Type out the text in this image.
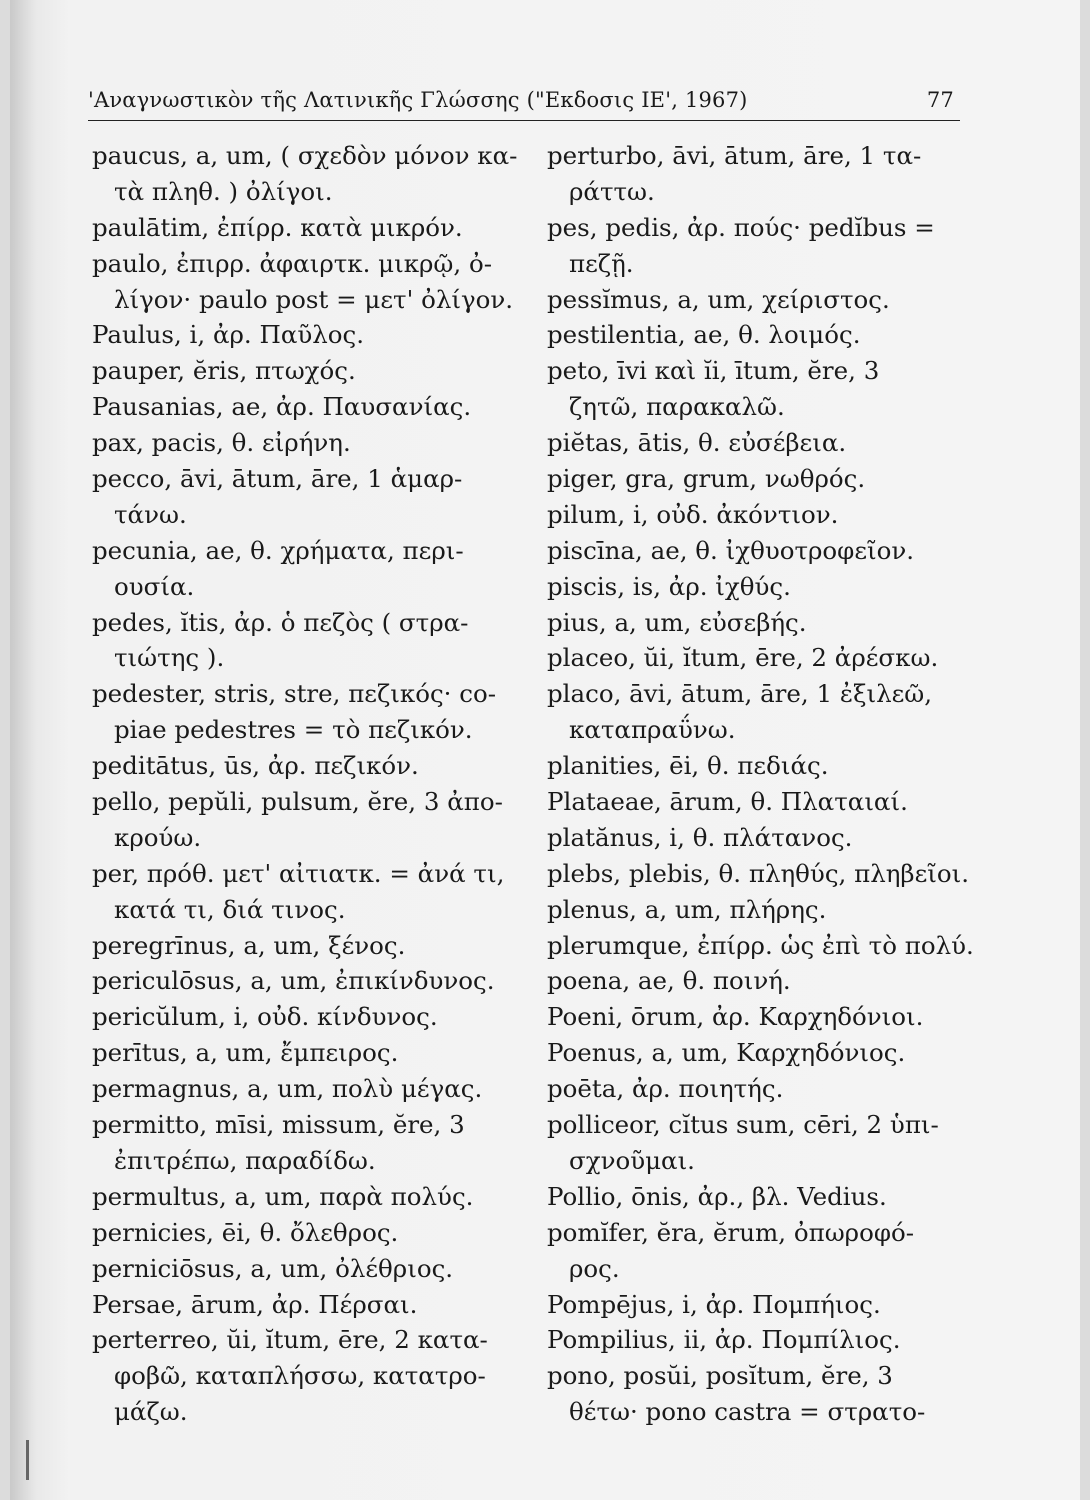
'Αναγνωστικὸν τῆς Λατινικῆς Γλώσσης ("Εκδοσις ΙΕ', 1967)	77
paucus, a, um, ( σχεδὸν μόνον κα-
τὰ πληθ. ) ὀλίγοι.
paulātim, ἐπίρρ. κατὰ μικρόν.
paulo, ἐπιρρ. ἀφαιρτκ. μικρῷ, ὀ-
λίγον· paulo post = μετ' ὀλίγον.
Paulus, i, ἀρ. Παῦλος.
pauper, ĕris, πτωχός.
Pausanias, ae, ἀρ. Παυσανίας.
pax, pacis, θ. εἰρήνη.
pecco, āvi, ātum, āre, 1 ἁμαρ-
τάνω.
pecunia, ae, θ. χρήματα, περι-
ουσία.
pedes, ĭtis, ἀρ. ὁ πεζὸς ( στρα-
τιώτης ).
pedester, stris, stre, πεζικός· co-
piae pedestres = τὸ πεζικόν.
peditātus, ūs, ἀρ. πεζικόν.
pello, pepŭli, pulsum, ĕre, 3 ἀπο-
κρούω.
per, πρόθ. μετ' αἰτιατκ. = ἀνά τι,
κατά τι, διά τινος.
peregrīnus, a, um, ξένος.
periculōsus, a, um, ἐπικίνδυνος.
pericŭlum, i, οὐδ. κίνδυνος.
perītus, a, um, ἔμπειρος.
permagnus, a, um, πολὺ μέγας.
permitto, mīsi, missum, ĕre, 3
ἐπιτρέπω, παραδίδω.
permultus, a, um, παρὰ πολύς.
pernicies, ēi, θ. ὄλεθρος.
perniciōsus, a, um, ὀλέθριος.
Persae, ārum, ἀρ. Πέρσαι.
perterreo, ŭi, ĭtum, ēre, 2 κατα-
φοβῶ, καταπλήσσω, κατατρο-
μάζω.
perturbo, āvi, ātum, āre, 1 τα-
ράττω.
pes, pedis, ἀρ. πούς· pedĭbus =
πεζῇ.
pessĭmus, a, um, χείριστος.
pestilentia, ae, θ. λοιμός.
peto, īvi καὶ ĭi, ītum, ĕre, 3
ζητῶ, παρακαλῶ.
piĕtas, ātis, θ. εὐσέβεια.
piger, gra, grum, νωθρός.
pilum, i, οὐδ. ἀκόντιον.
piscīna, ae, θ. ἰχθυοτροφεῖον.
piscis, is, ἀρ. ἰχθύς.
pius, a, um, εὐσεβής.
placeo, ŭi, ĭtum, ēre, 2 ἀρέσκω.
placo, āvi, ātum, āre, 1 ἐξιλεῶ,
καταπραΰνω.
planities, ēi, θ. πεδιάς.
Plataeae, ārum, θ. Πλαταιαί.
platănus, i, θ. πλάτανος.
plebs, plebis, θ. πληθύς, πληβεῖοι.
plenus, a, um, πλήρης.
plerumque, ἐπίρρ. ὡς ἐπὶ τὸ πολύ.
poena, ae, θ. ποινή.
Poeni, ōrum, ἀρ. Καρχηδόνιοι.
Poenus, a, um, Καρχηδόνιος.
poēta, ἀρ. ποιητής.
polliceor, cĭtus sum, cēri, 2 ὑπι-
σχνοῦμαι.
Pollio, ōnis, ἀρ., βλ. Vedius.
pomĭfer, ĕra, ĕrum, ὀπωροφό-
ρος.
Pompējus, i, ἀρ. Πομπήιος.
Pompilius, ii, ἀρ. Πομπίλιος.
pono, posŭi, posĭtum, ĕre, 3
θέτω· pono castra = στρατο-
